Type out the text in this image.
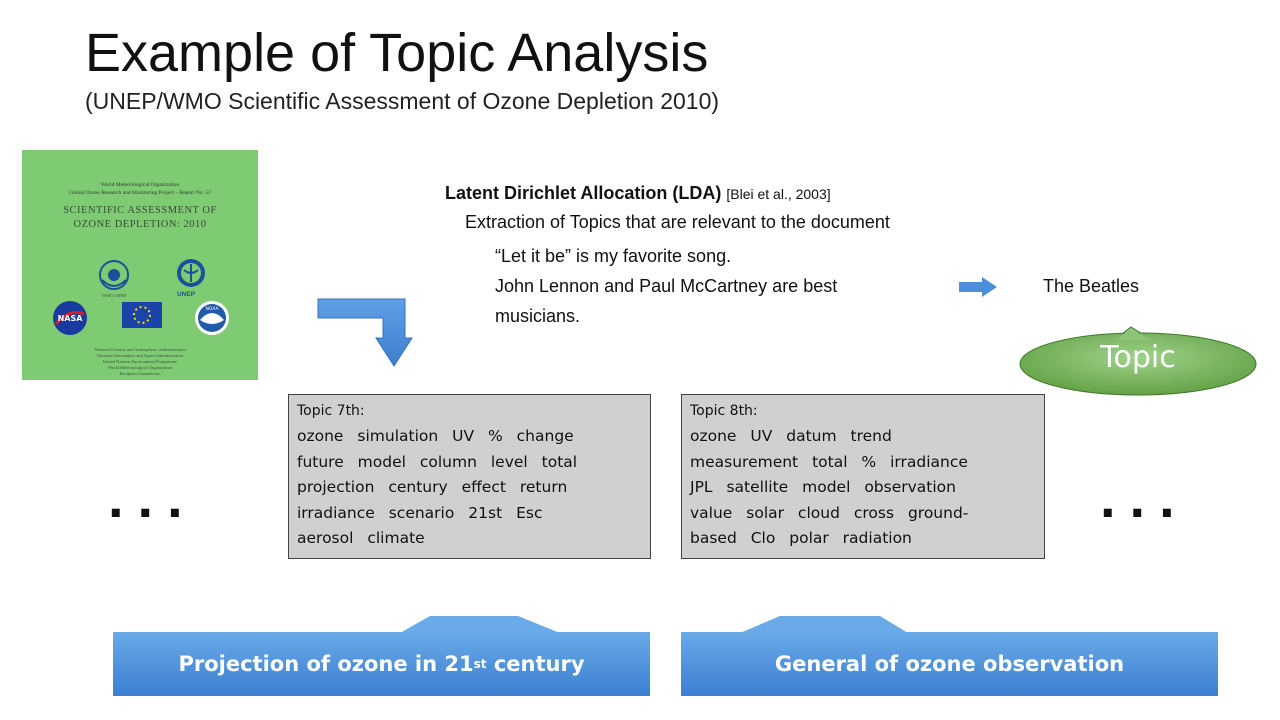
Example of Topic Analysis
(UNEP/WMO Scientific Assessment of Ozone Depletion 2010)
World Meteorological Organization
Global Ozone Research and Monitoring Project – Report No. 52
SCIENTIFIC ASSESSMENT OF
OZONE DEPLETION: 2010
WMO OMM	UNEP
NASA
NOAA
National Oceanic and Atmospheric Administration
National Aeronautics and Space Administration
United Nations Environment Programme
World Meteorological Organization
European Commission
Latent Dirichlet Allocation (LDA) [Blei et al., 2003]
Extraction of Topics that are relevant to the document
“Let it be” is my favorite song.
John Lennon and Paul McCartney are best
musicians.
The Beatles
Topic
Topic 7th:
ozone simulation UV % change
future model column level total
projection century effect return
irradiance scenario 21st Esc
aerosol climate
Topic 8th:
ozone UV datum trend
measurement total % irradiance
JPL satellite model observation
value solar cloud cross ground-
based Clo polar radiation
...	...
Projection of ozone in 21 st century	General of ozone observation
